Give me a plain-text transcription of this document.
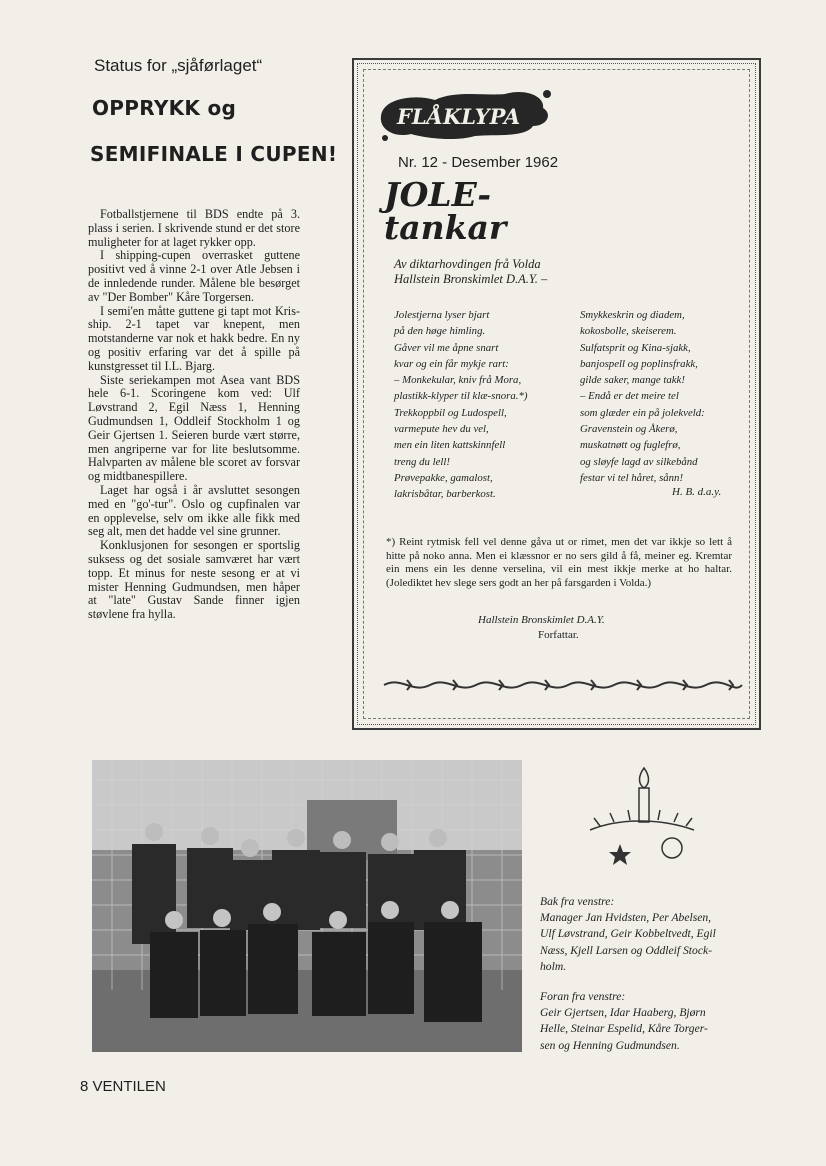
Status for „sjåførlaget“
OPPRYKK og
SEMIFINALE I CUPEN!

Fotballstjernene til BDS endte på 3. plass i serien. I skrivende stund er det store muligheter for at laget rykker opp.

I shipping-cupen overrasket guttene positivt ved å vinne 2-1 over Atle Jebsen i de innledende runder. Målene ble besørget av "Der Bomber" Kåre Torgersen.

I semi'en måtte guttene gi tapt mot Kris-ship. 2-1 tapet var knepent, men motstanderne var nok et hakk bedre. En ny og positiv erfaring var det å spille på kunstgresset til I.L. Bjarg.

Siste seriekampen mot Asea vant BDS hele 6-1. Scoringene kom ved: Ulf Løvstrand 2, Egil Næss 1, Henning Gudmundsen 1, Oddleif Stockholm 1 og Geir Gjertsen 1. Seieren burde vært større, men angriperne var for lite beslutsomme. Halvparten av målene ble scoret av forsvar og midtbanespillere.

Laget har også i år avsluttet sesongen med en "go'-tur". Oslo og cupfinalen var en opplevelse, selv om ikke alle fikk med seg alt, men det hadde vel sine grunner.

Konklusjonen for sesongen er sportslig suksess og det sosiale samværet har vært topp. Et minus for neste sesong er at vi mister Henning Gudmundsen, men håper at "late" Gustav Sande finner igjen støvlene fra hylla.

FLÅKLYPA
Nr. 12 - Desember 1962
JOLE-
tankar
Av diktarhovdingen frå Volda
Hallstein Bronskimlet D.A.Y. –
Jolestjerna lyser bjart
på den høge himling.
Gåver vil me åpne snart
kvar og ein får mykje rart:
– Monkekular, kniv frå Mora,
plastikk-klyper til klæ-snora.*)
Trekkoppbil og Ludospell,
varmepute hev du vel,
men ein liten kattskinnfell
treng du lell!
Prøvepakke, gamalost,
lakrisbåtar, barberkost.
Smykkeskrin og diadem,
kokosbolle, skeiserem.
Sulfatsprit og Kina-sjakk,
banjospell og poplinsfrakk,
gilde saker, mange takk!
– Endå er det meire tel
som glæder ein på jolekveld:
Gravenstein og Åkerø,
muskatnøtt og fuglefrø,
og sløyfe lagd av silkebånd
festar vi tel håret, sånn!
H. B. d.a.y.
*) Reint rytmisk fell vel denne gåva ut or rimet, men det var ikkje so lett å hitte på noko anna. Men ei klæssnor er no sers gild å få, meiner eg. Kremtar ein mens ein les denne verselina, vil ein mest ikkje merke at ho haltar. (Jolediktet hev slege sers godt an her på farsgarden i Volda.)
Hallstein Bronskimlet D.A.Y.
Forfattar.
Bak fra venstre:
Manager Jan Hvidsten, Per Abelsen,
Ulf Løvstrand, Geir Kobbeltvedt, Egil
Næss, Kjell Larsen og Oddleif Stock-
holm.
Foran fra venstre:
Geir Gjertsen, Idar Haaberg, Bjørn
Helle, Steinar Espelid, Kåre Torger-
sen og Henning Gudmundsen.
8 VENTILEN
